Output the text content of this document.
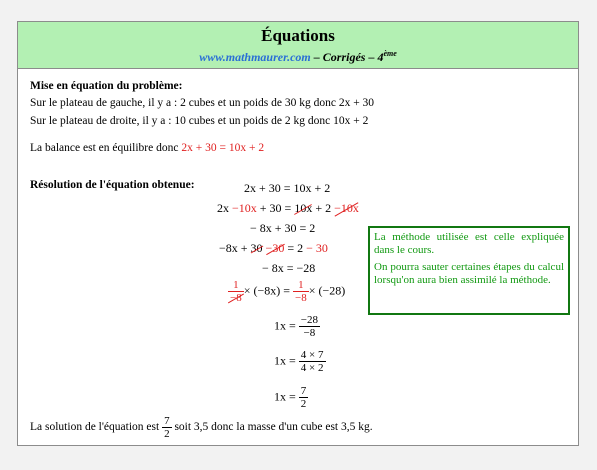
Équations
www.mathmaurer.com – Corrigés – 4ème
Mise en équation du problème:
Sur le plateau de gauche, il y a : 2 cubes et un poids de 30 kg donc 2x + 30
Sur le plateau de droite, il y a : 10 cubes et un poids de 2 kg donc 10x + 2
La balance est en équilibre donc 2x + 30 = 10x + 2
Résolution de l'équation obtenue:	2x + 30 = 10x + 2
2x −10x + 30 = 10x + 2 −10x
− 8x + 30 = 2
−8x + 30 −30 = 2 − 30
− 8x = −28
$\frac{1}{-8} \times (-8x) = \frac{1}{-8} \times (-28)$
$1x = \frac{-28}{-8}$
$1x = \frac{4 \times 7}{4 \times 2}$
$1x = \frac{7}{2}$

La méthode utilisée est celle expliquée dans le cours.

On pourra sauter certaines étapes du calcul lorsqu'on aura bien assimilé la méthode.

La solution de l'équation est $\frac{7}{2}$ soit 3,5 donc la masse d'un cube est 3,5 kg.
